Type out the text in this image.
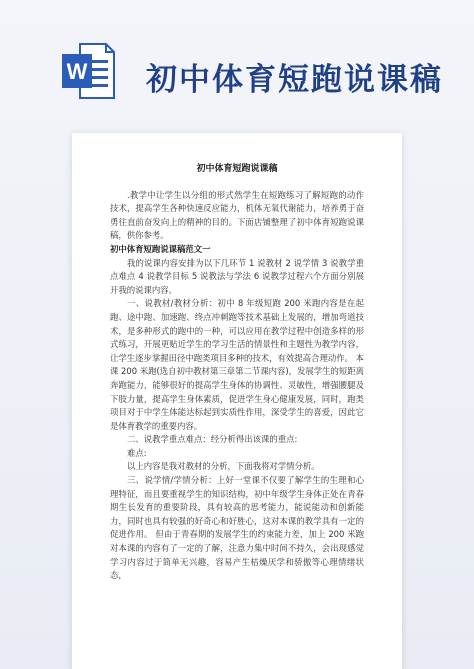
W 初中体育短跑说课稿
初中体育短跑说课稿

.教学中让学生以分组的形式然学生在短跑练习了解短跑的动作技术，提高学生各种快速反应能力，机体无氧代谢能力，培养勇于奋勇往直前奋发向上的精神的目的。下面店铺整理了初中体育短跑说课稿，供你参考。

初中体育短跑说课稿范文一

我的说课内容安排为以下几环节 1 说教材 2 说学情 3 说教学重点难点 4 说教学目标 5 说教法与学法 6 说教学过程六个方面分别展开我的说课内容。

一、说教材/教材分析：初中 8 年级短跑 200 米跑内容是在起跑、途中跑、加速跑、终点冲刺跑等技术基础上发展的，增加弯道技术，是多种形式的跑中的一种，可以应用在教学过程中创造多样的形式练习，开展更贴近学生的学习生活的情景性和主题性为教学内容，让学生逐步掌握田径中跑类项目多种的技术，有效提高合理动作。 本课 200 米跑(选自初中教材第三章第二节课内容)，发展学生的短距离奔跑能力，能够很好的提高学生身体的协调性、灵敏性，增强腰腿及下肢力量，提高学生身体素质，促进学生身心健康发展，同时，跑类项目对于中学生体能达标起到实质性作用，深受学生的喜爱，因此它是体育教学的重要内容。

二、说教学重点难点：经分析得出该课的重点:

难点:

以上内容是我对教材的分析，下面我将对学情分析。

三、说学情/学情分析：上好一堂课不仅要了解学生的生理和心理特征，而且要重视学生的知识结构，初中年级学生身体正处在青春期生长发育的重要阶段，具有较高的思考能力，能说能动和创新能力，同时也具有较强的好奇心和好胜心，这对本课的教学具有一定的促进作用。 但由于青春期的发展学生的约束能力差，加上 200 米跑对本课的内容有了一定的了解，注意力集中时间不持久，会出现感觉学习内容过于简单无兴趣，容易产生枯燥厌学和骄傲等心理情绪状态，
